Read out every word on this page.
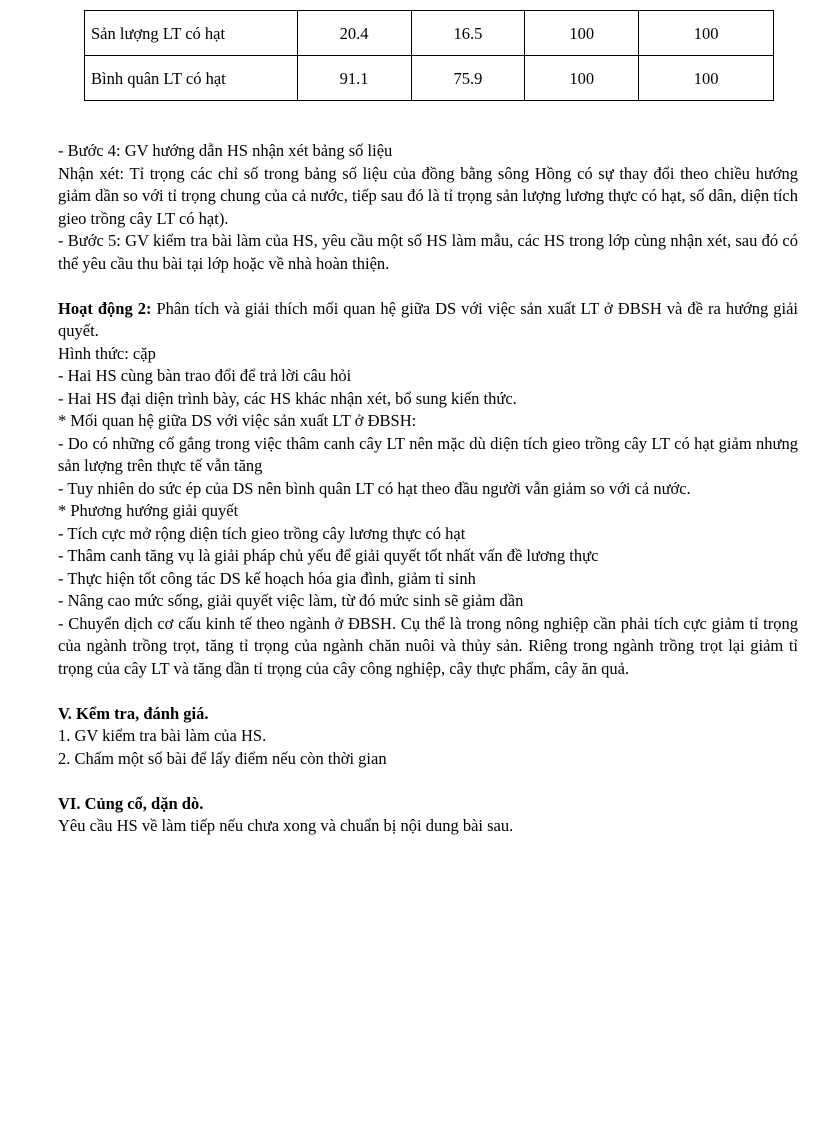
Sản lượng LT có hạt	20.4	16.5	100	100
Bình quân LT có hạt	91.1	75.9	100	100

- Bước 4: GV hướng dẫn HS nhận xét bảng số liệu

Nhận xét: Tỉ trọng các chỉ số trong bảng số liệu của đồng bằng sông Hồng có sự thay đổi theo chiều hướng giảm dần so với tỉ trọng chung của cả nước, tiếp sau đó là tỉ trọng sản lượng lương thực có hạt, số dân, diện tích gieo trồng cây LT có hạt).

- Bước 5: GV kiểm tra bài làm của HS, yêu cầu một số HS làm mẫu, các HS trong lớp cùng nhận xét, sau đó có thể yêu cầu thu bài tại lớp hoặc về nhà hoàn thiện.

Hoạt động 2: Phân tích và giải thích mối quan hệ giữa DS với việc sản xuất LT ở ĐBSH và đề ra hướng giải quyết.

Hình thức: cặp

- Hai HS cùng bàn trao đổi để trả lời câu hỏi

- Hai HS đại diện trình bày, các HS khác nhận xét, bổ sung kiến thức.

* Mối quan hệ giữa DS với việc sản xuất LT ở ĐBSH:

- Do có những cố gắng trong việc thâm canh cây LT nên mặc dù diện tích gieo trồng cây LT có hạt giảm nhưng sản lượng trên thực tế vẫn tăng

- Tuy nhiên do sức ép của DS nên bình quân LT có hạt theo đầu người vẫn giảm so với cả nước.

* Phương hướng giải quyết

- Tích cực mở rộng diện tích gieo trồng cây lương thực có hạt

- Thâm canh tăng vụ là giải pháp chủ yếu để giải quyết tốt nhất vấn đề lương thực

- Thực hiện tốt công tác DS kế hoạch hóa gia đình, giảm tỉ sinh

- Nâng cao mức sống, giải quyết việc làm, từ đó mức sinh sẽ giảm dần

- Chuyển dịch cơ cấu kinh tế theo ngành ở ĐBSH. Cụ thể là trong nông nghiệp cần phải tích cực giảm tỉ trọng của ngành trồng trọt, tăng tỉ trọng của ngành chăn nuôi và thủy sản. Riêng trong ngành trồng trọt lại giảm tỉ trọng của cây LT và tăng dần tỉ trọng của cây công nghiệp, cây thực phẩm, cây ăn quả.

V. Kểm tra, đánh giá.

1. GV kiểm tra bài làm của HS.

2. Chấm một số bài để lấy điểm nếu còn thời gian

VI. Củng cố, dặn dò.

Yêu cầu HS về làm tiếp nếu chưa xong và chuẩn bị nội dung bài sau.
